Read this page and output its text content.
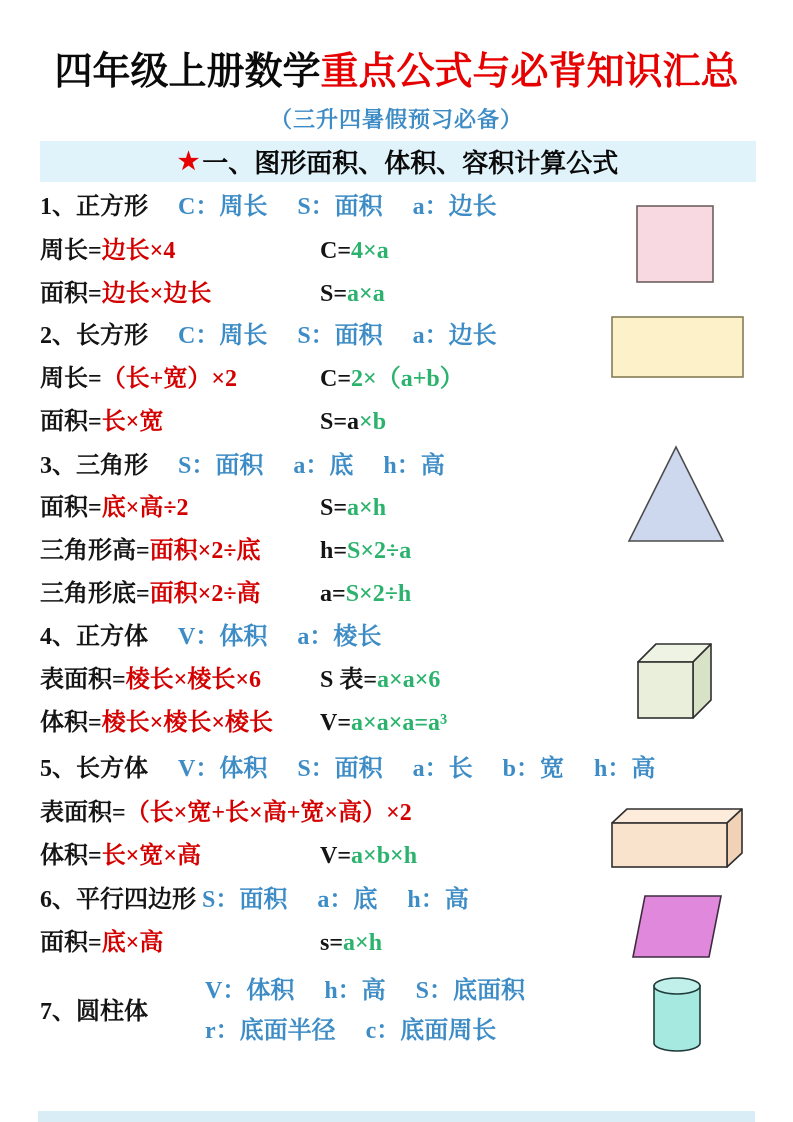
四年级上册数学重点公式与必背知识汇总
（三升四暑假预习必备）
★ 一、图形面积、体积、容积计算公式
1、正方形　 C：周长　 S：面积　 a：边长
周长=边长×4	C=4×a
面积=边长×边长	S=a×a
2、长方形　 C：周长　 S：面积　 a：边长
周长=（长+宽）×2	C=2×（a+b）
面积=长×宽	S=a×b
3、三角形　 S：面积　 a：底　 h：高
面积=底×高÷2	S=a×h
三角形高=面积×2÷底 h=S×2÷a
三角形底=面积×2÷高 a=S×2÷h
4、正方体　 V：体积　 a：棱长
表面积=棱长×棱长×6 S 表=a×a×6
体积=棱长×棱长×棱长 V=a×a×a=a³
5、长方体　 V：体积　 S：面积　 a：长　 b：宽　 h：高
表面积=（长×宽+长×高+宽×高）×2
体积=长×宽×高	V=a×b×h
6、平行四边形 S：面积　 a：底　 h：高
面积=底×高	s=a×h
7、圆柱体
V：体积　 h：高　 S：底面积
r：底面半径　 c：底面周长
